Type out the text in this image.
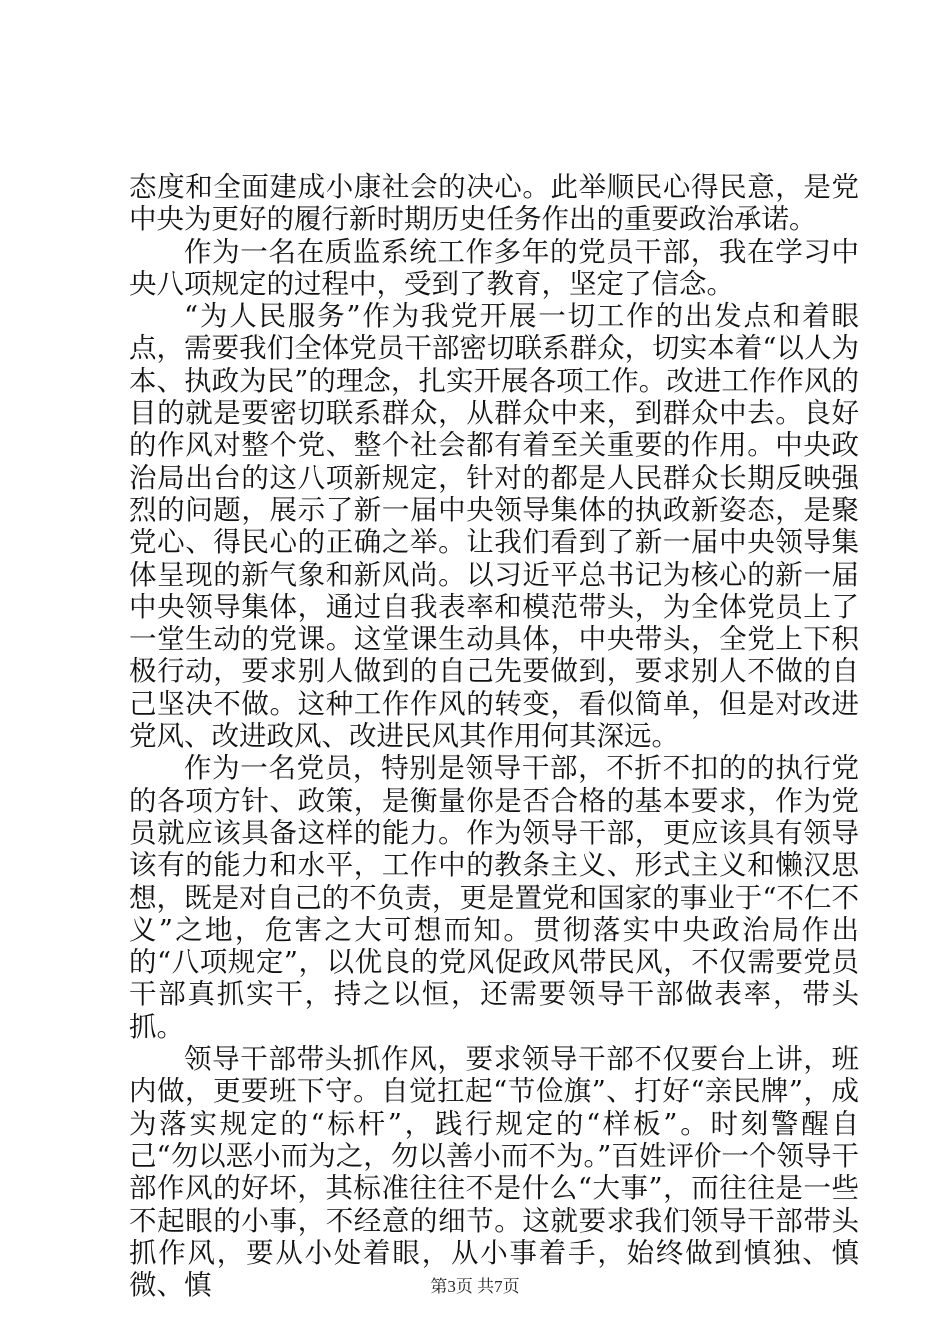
态度和全面建成小康社会的决心。此举顺民心得民意，是党中央为更好的履行新时期历史任务作出的重要政治承诺。

作为一名在质监系统工作多年的党员干部，我在学习中央八项规定的过程中，受到了教育，坚定了信念。

“为人民服务”作为我党开展一切工作的出发点和着眼点，需要我们全体党员干部密切联系群众，切实本着“以人为本、执政为民”的理念，扎实开展各项工作。改进工作作风的目的就是要密切联系群众，从群众中来，到群众中去。良好的作风对整个党、整个社会都有着至关重要的作用。中央政治局出台的这八项新规定，针对的都是人民群众长期反映强烈的问题，展示了新一届中央领导集体的执政新姿态，是聚党心、得民心的正确之举。让我们看到了新一届中央领导集体呈现的新气象和新风尚。以习近平总书记为核心的新一届中央领导集体，通过自我表率和模范带头，为全体党员上了一堂生动的党课。这堂课生动具体，中央带头，全党上下积极行动，要求别人做到的自己先要做到，要求别人不做的自己坚决不做。这种工作作风的转变，看似简单，但是对改进党风、改进政风、改进民风其作用何其深远。

作为一名党员，特别是领导干部，不折不扣的的执行党的各项方针、政策，是衡量你是否合格的基本要求，作为党员就应该具备这样的能力。作为领导干部，更应该具有领导该有的能力和水平，工作中的教条主义、形式主义和懒汉思想，既是对自己的不负责，更是置党和国家的事业于“不仁不义”之地，危害之大可想而知。贯彻落实中央政治局作出的“八项规定”，以优良的党风促政风带民风，不仅需要党员干部真抓实干，持之以恒，还需要领导干部做表率，带头抓。

领导干部带头抓作风，要求领导干部不仅要台上讲，班内做，更要班下守。自觉扛起“节俭旗”、打好“亲民牌”，成为落实规定的“标杆”，践行规定的“样板”。时刻警醒自己“勿以恶小而为之，勿以善小而不为。”百姓评价一个领导干部作风的好坏，其标准往往不是什么“大事”，而往往是一些不起眼的小事，不经意的细节。这就要求我们领导干部带头抓作风，要从小处着眼，从小事着手，始终做到慎独、慎微、慎	第3页 共7页
